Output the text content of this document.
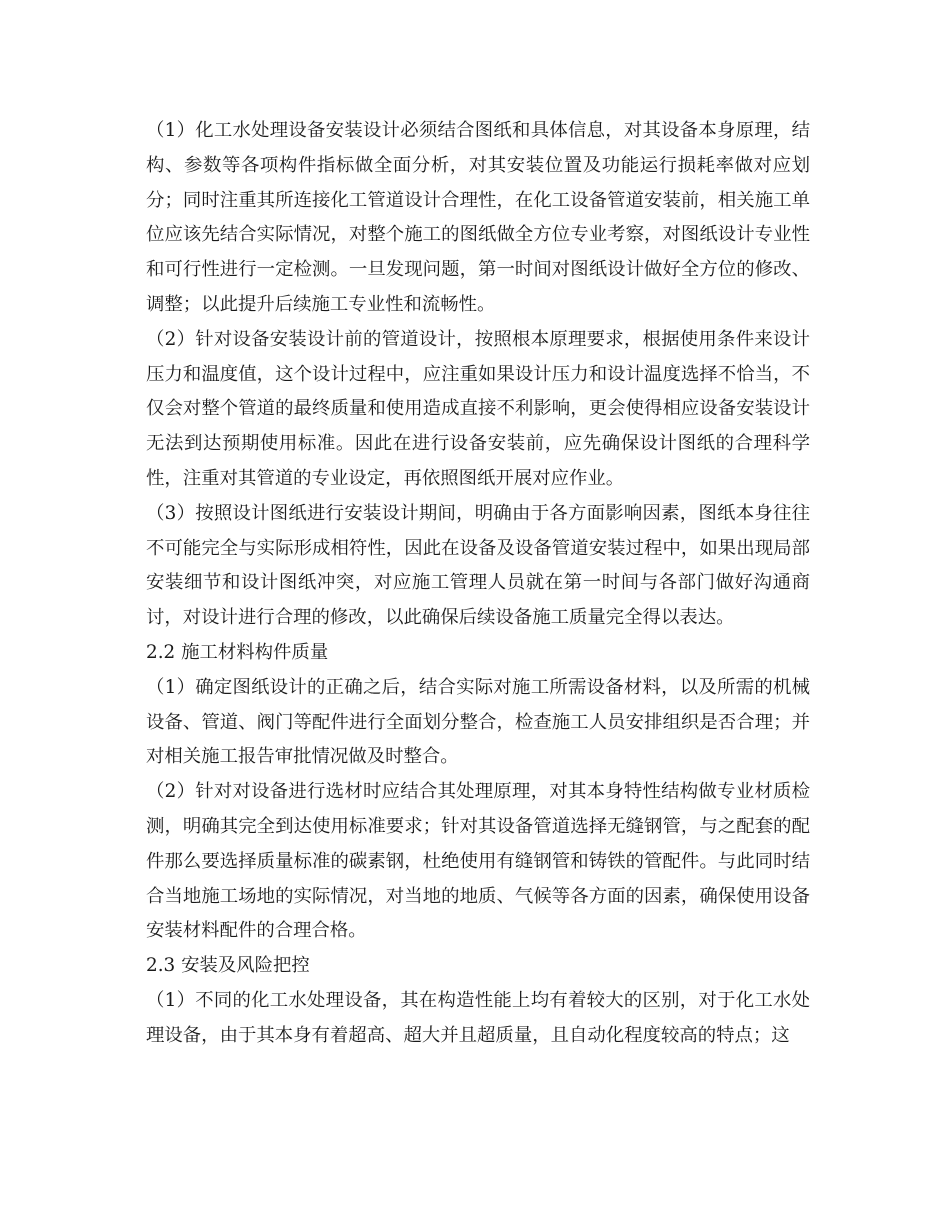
（1）化工水处理设备安装设计必须结合图纸和具体信息，对其设备本身原理，结构、参数等各项构件指标做全面分析，对其安装位置及功能运行损耗率做对应划分；同时注重其所连接化工管道设计合理性，在化工设备管道安装前，相关施工单位应该先结合实际情况，对整个施工的图纸做全方位专业考察，对图纸设计专业性和可行性进行一定检测。一旦发现问题，第一时间对图纸设计做好全方位的修改、调整；以此提升后续施工专业性和流畅性。

（2）针对设备安装设计前的管道设计，按照根本原理要求，根据使用条件来设计压力和温度值，这个设计过程中，应注重如果设计压力和设计温度选择不恰当，不仅会对整个管道的最终质量和使用造成直接不利影响，更会使得相应设备安装设计无法到达预期使用标准。因此在进行设备安装前，应先确保设计图纸的合理科学性，注重对其管道的专业设定，再依照图纸开展对应作业。

（3）按照设计图纸进行安装设计期间，明确由于各方面影响因素，图纸本身往往不可能完全与实际形成相符性，因此在设备及设备管道安装过程中，如果出现局部安装细节和设计图纸冲突，对应施工管理人员就在第一时间与各部门做好沟通商讨，对设计进行合理的修改，以此确保后续设备施工质量完全得以表达。

2.2 施工材料构件质量

（1）确定图纸设计的正确之后，结合实际对施工所需设备材料，以及所需的机械设备、管道、阀门等配件进行全面划分整合，检查施工人员安排组织是否合理；并对相关施工报告审批情况做及时整合。

（2）针对对设备进行选材时应结合其处理原理，对其本身特性结构做专业材质检测，明确其完全到达使用标准要求；针对其设备管道选择无缝钢管，与之配套的配件那么要选择质量标准的碳素钢，杜绝使用有缝钢管和铸铁的管配件。与此同时结合当地施工场地的实际情况，对当地的地质、气候等各方面的因素，确保使用设备安装材料配件的合理合格。

2.3 安装及风险把控

（1）不同的化工水处理设备，其在构造性能上均有着较大的区别，对于化工水处理设备，由于其本身有着超高、超大并且超质量，且自动化程度较高的特点；这
